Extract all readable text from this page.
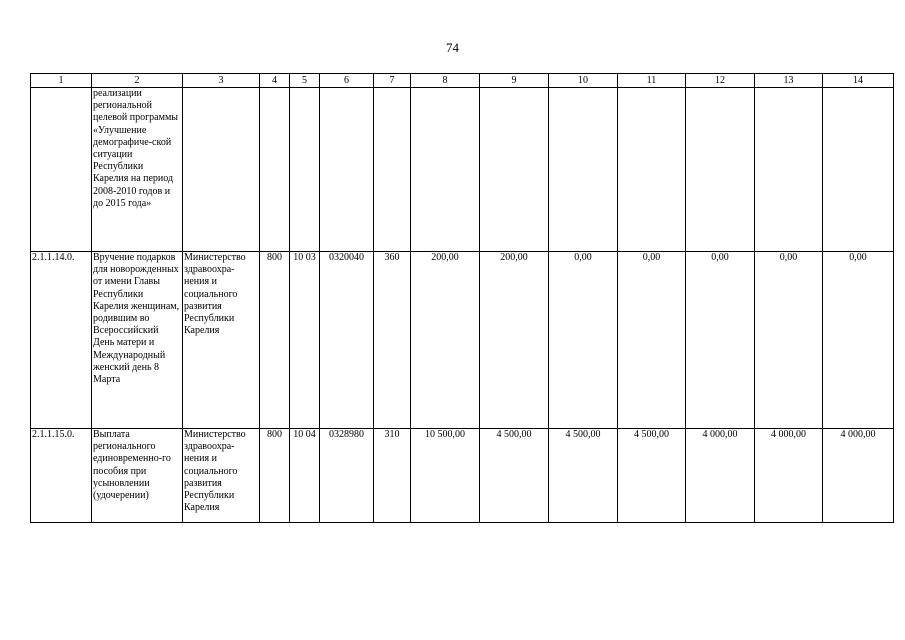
74
1	2	3	4	5	6	7	8	9	10	11	12	13	14
	реализации региональной целевой программы «Улучшение демографиче-ской ситуации Республики Карелия на период 2008-2010 годов и до 2015 года»												
2.1.1.14.0.	Вручение подарков для новорожденных от имени Главы Республики Карелия женщинам, родившим во Всероссийский День матери и Международный женский день 8 Марта	Министерство здравоохра-нения и социального развития Республики Карелия	800	10 03	0320040	360	200,00	200,00	0,00	0,00	0,00	0,00	0,00
2.1.1.15.0.	Выплата регионального единовременно-го пособия при усыновлении (удочерении)	Министерство здравоохра-нения и социального развития Республики Карелия	800	10 04	0328980	310	10 500,00	4 500,00	4 500,00	4 500,00	4 000,00	4 000,00	4 000,00
